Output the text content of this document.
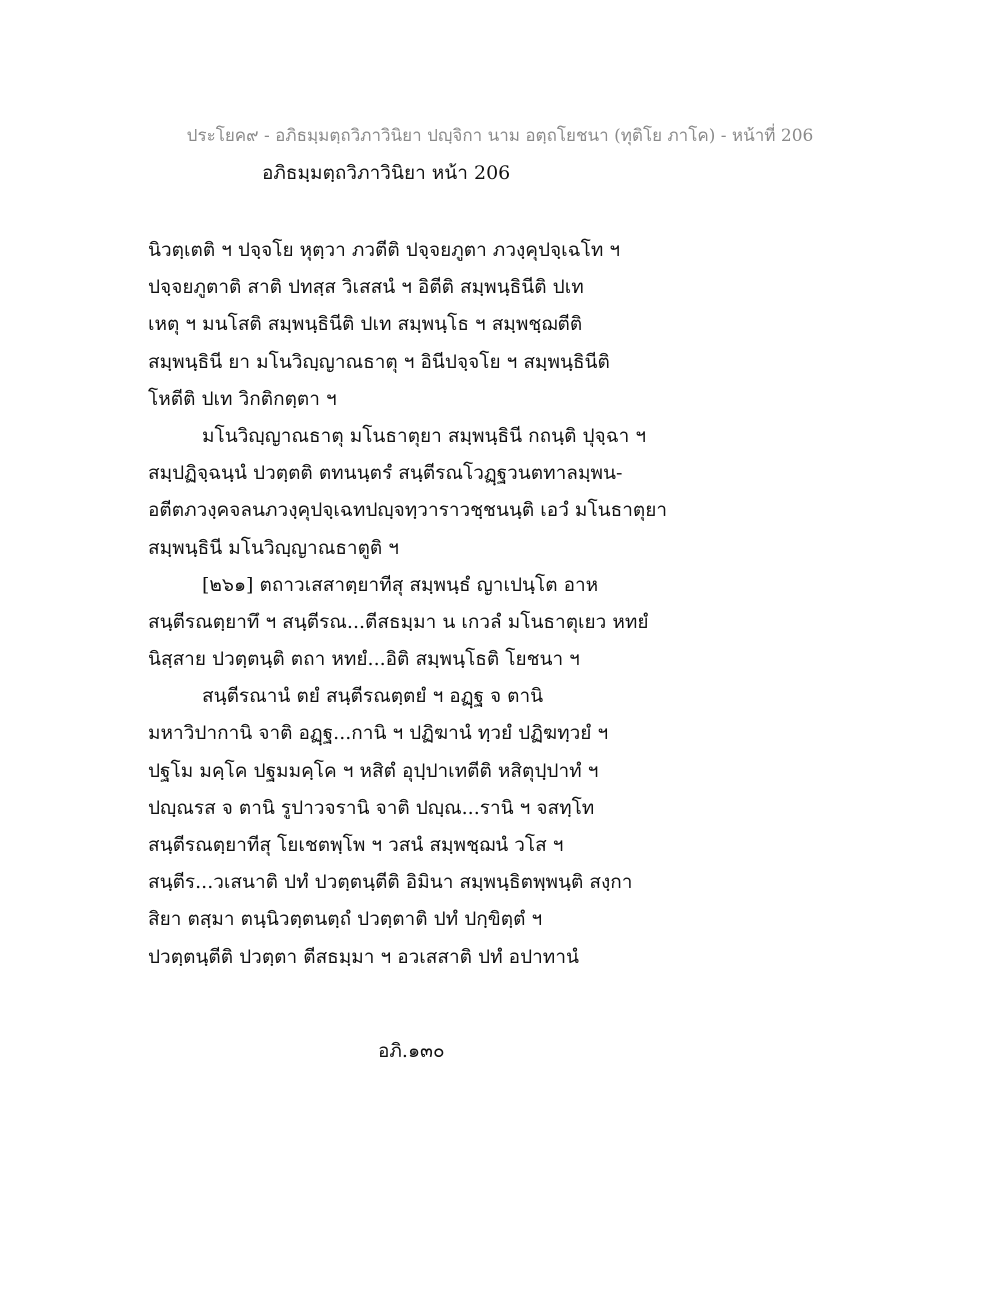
ประโยค๙ - อภิธมฺมตฺถวิภาวินิยา ปญฺจิกา นาม อตฺถโยชนา (ทุติโย ภาโค) - หน้าที่ 206
อภิธมฺมตฺถวิภาวินิยา หน้า 206
นิวตฺเตติ ฯ ปจฺจโย หุตฺวา ภวตีติ ปจฺจยภูตา ภวงฺคุปจฺเฉโท ฯ
ปจฺจยภูตาติ สาติ ปทสฺส วิเสสนํ ฯ อิตีติ สมฺพนฺธินีติ ปเท
เหตุ ฯ มนโสติ สมฺพนฺธินีติ ปเท สมฺพนฺโธ ฯ สมฺพชฺฌตีติ
สมฺพนฺธินี ยา มโนวิญฺญาณธาตุ ฯ อินีปจฺจโย ฯ สมฺพนฺธินีติ
โหตีติ ปเท วิกติกตฺตา ฯ
มโนวิญฺญาณธาตุ มโนธาตุยา สมฺพนฺธินี กถนฺติ ปุจฺฉา ฯ
สมฺปฏิจฺฉนฺนํ ปวตฺตติ ตทนนฺตรํ สนฺตีรณโวฏฺฐวนตทาลมฺพน-
อตีตภวงฺคจลนภวงฺคุปจฺเฉทปญฺจทฺวาราวชฺชนนฺติ เอวํ มโนธาตุยา
สมฺพนฺธินี มโนวิญฺญาณธาตูติ ฯ
[๒๖๑] ตถาวเสสาตฺยาทีสุ สมฺพนฺธํ ญาเปนฺโต อาห
สนฺตีรณตฺยาทึ ฯ สนฺตีรณ...ตีสธมฺมา น เกวลํ มโนธาตุเยว หทยํ
นิสฺสาย ปวตฺตนฺติ ตถา หทยํ...อิติ สมฺพนฺโธติ โยชนา ฯ
สนฺตีรณานํ ตยํ สนฺตีรณตฺตยํ ฯ อฏฺฐ จ ตานิ
มหาวิปากานิ จาติ อฏฺฐ...กานิ ฯ ปฏิฆานํ ทฺวยํ ปฏิฆทฺวยํ ฯ
ปฐโม มคฺโค ปฐมมคฺโค ฯ หสิตํ อุปฺปาเทตีติ หสิตุปฺปาทํ ฯ
ปญฺณรส จ ตานิ รูปาวจรานิ จาติ ปญฺณ...รานิ ฯ จสทฺโท
สนฺตีรณตฺยาทีสุ โยเชตพฺโพ ฯ วสนํ สมฺพชฺฌนํ วโส ฯ
สนฺตีร...วเสนาติ ปทํ ปวตฺตนฺตีติ อิมินา สมฺพนฺธิตพฺพนฺติ สงฺกา
สิยา ตสฺมา ตนฺนิวตฺตนตฺถํ ปวตฺตาติ ปทํ ปกฺขิตฺตํ ฯ
ปวตฺตนฺตีติ ปวตฺตา ตีสธมฺมา ฯ อวเสสาติ ปทํ อปาทานํ
อภิ.๑๓๐
